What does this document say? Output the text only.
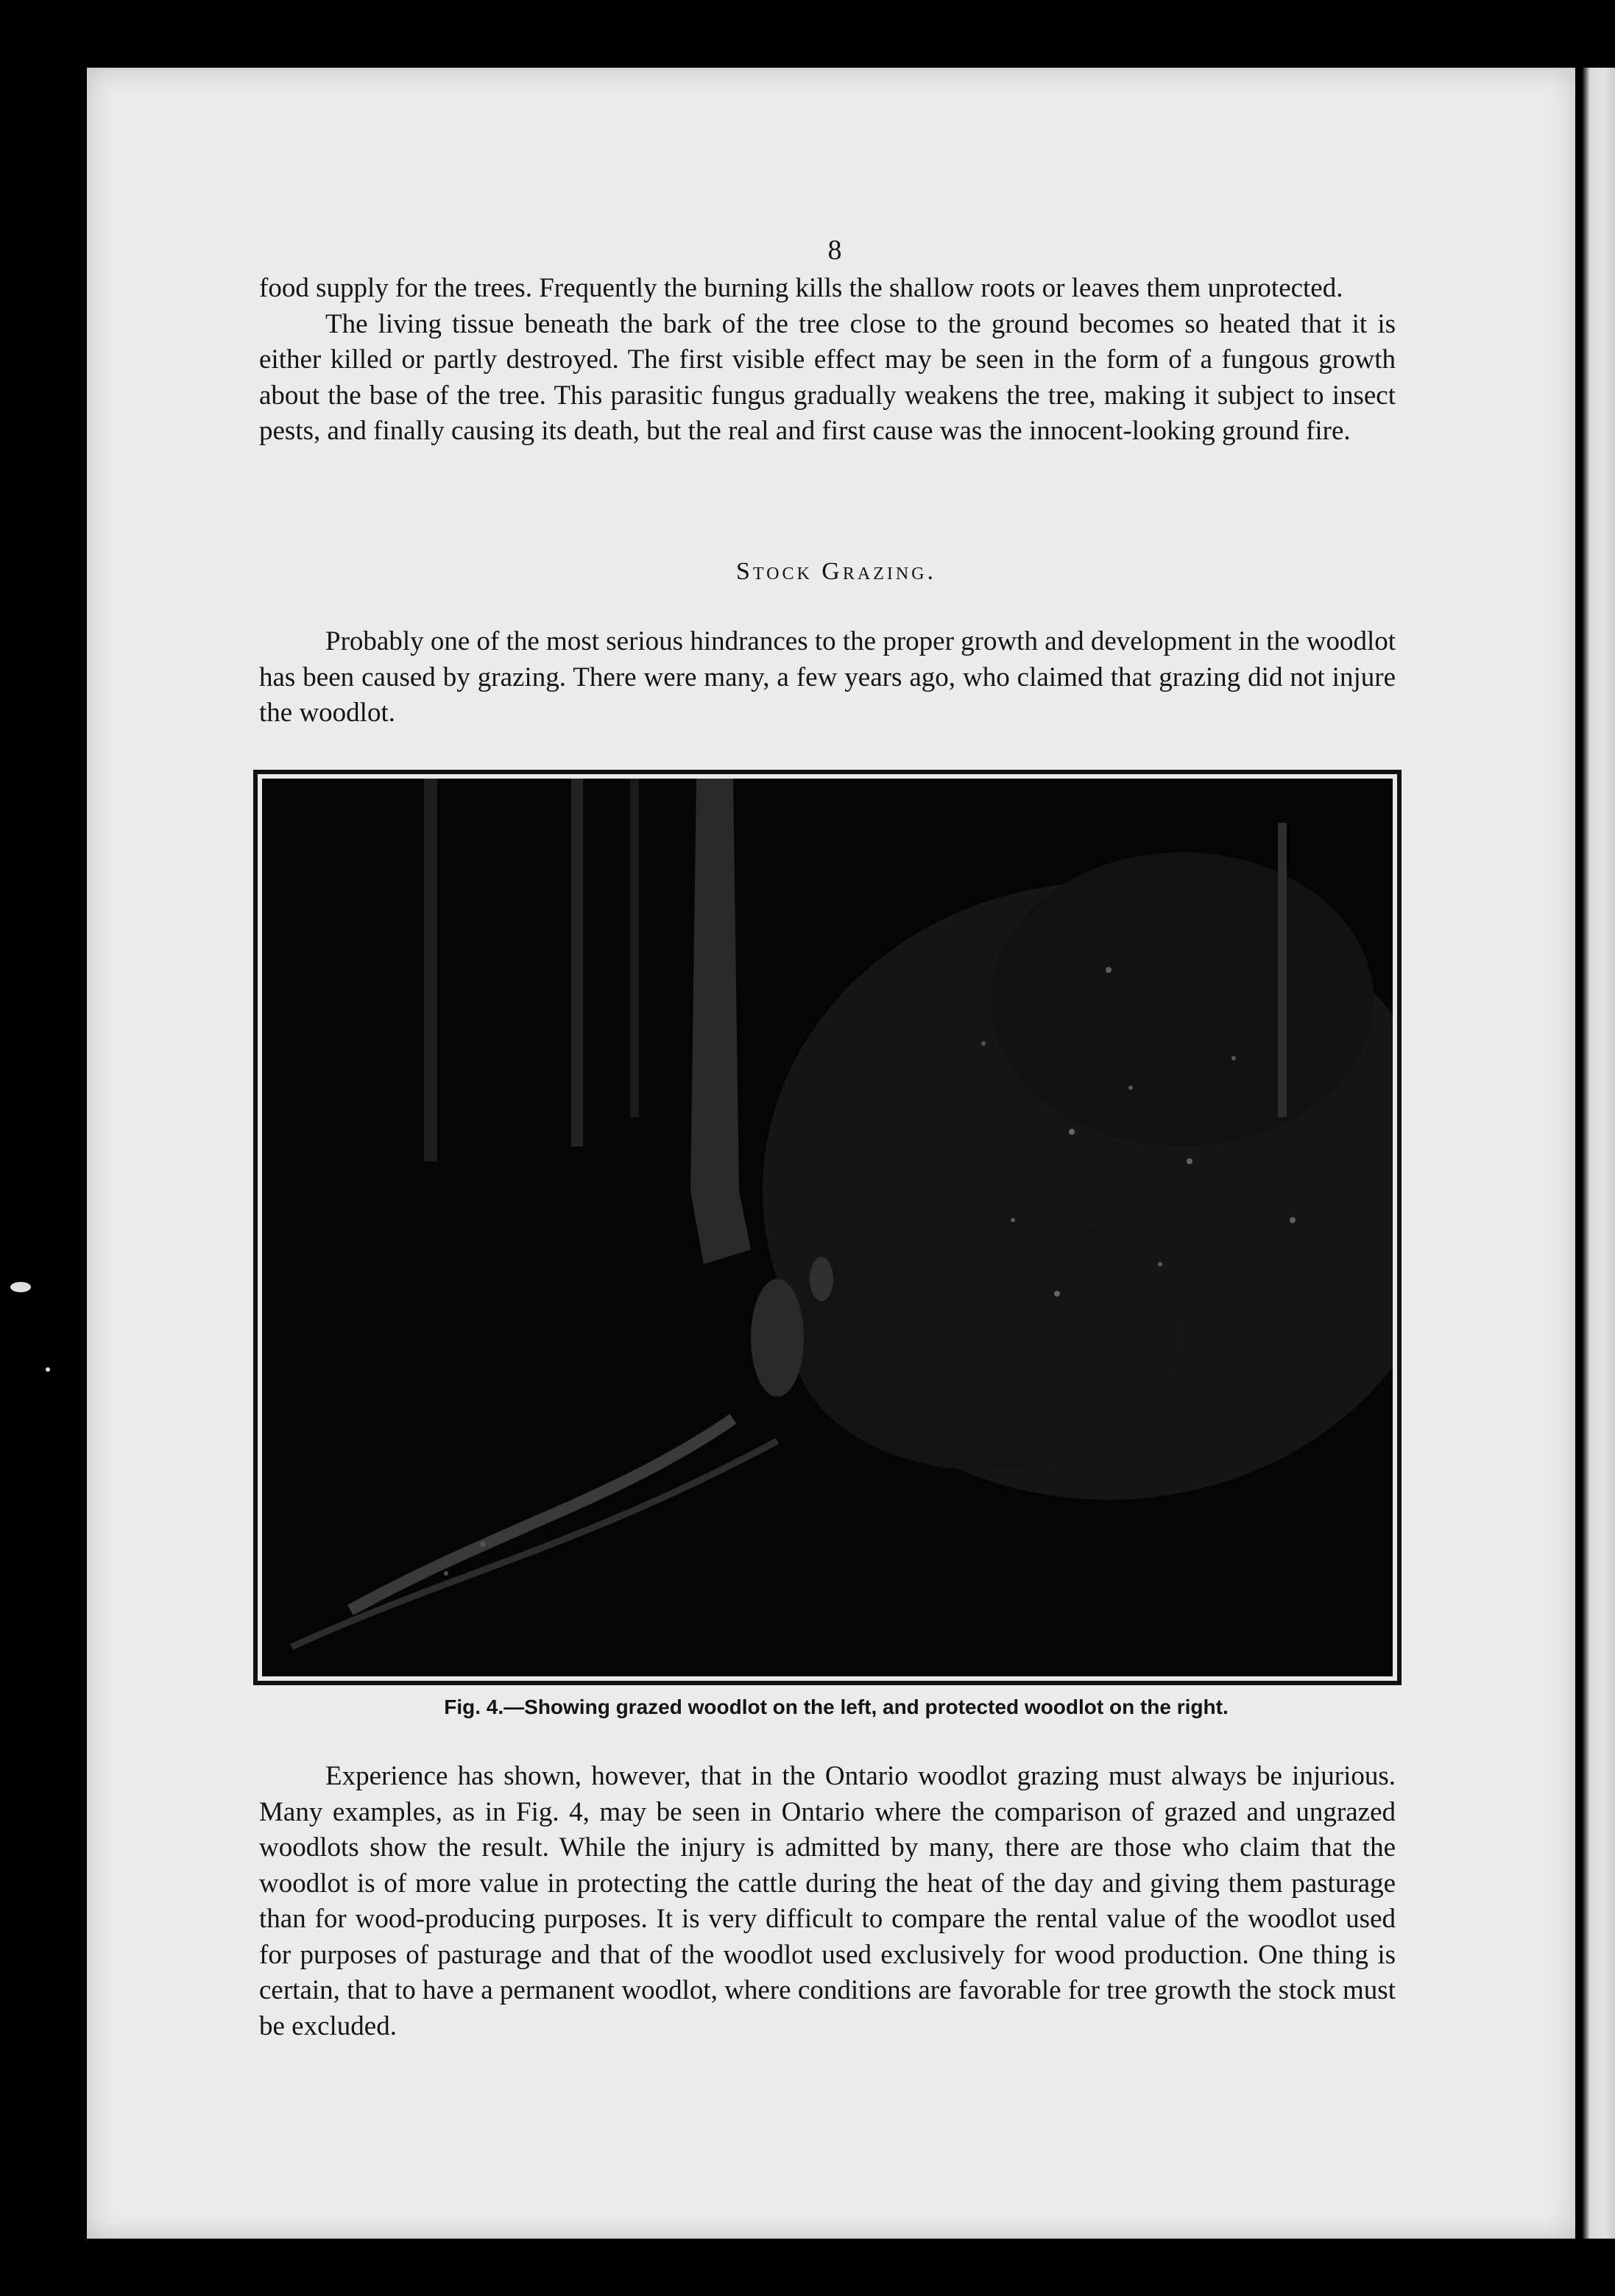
8

food supply for the trees. Frequently the burning kills the shallow roots or leaves them unprotected.

The living tissue beneath the bark of the tree close to the ground becomes so heated that it is either killed or partly destroyed. The first visible effect may be seen in the form of a fungous growth about the base of the tree. This parasitic fungus gradually weakens the tree, making it subject to insect pests, and finally causing its death, but the real and first cause was the innocent-looking ground fire.

Stock Grazing.

Probably one of the most serious hindrances to the proper growth and development in the woodlot has been caused by grazing. There were many, a few years ago, who claimed that grazing did not injure the woodlot.

Fig. 4.—Showing grazed woodlot on the left, and protected woodlot on the right.

Experience has shown, however, that in the Ontario woodlot grazing must always be injurious. Many examples, as in Fig. 4, may be seen in Ontario where the comparison of grazed and ungrazed woodlots show the result. While the injury is admitted by many, there are those who claim that the woodlot is of more value in protecting the cattle during the heat of the day and giving them pasturage than for wood-producing purposes. It is very difficult to compare the rental value of the woodlot used for purposes of pasturage and that of the woodlot used exclusively for wood production. One thing is certain, that to have a permanent woodlot, where conditions are favorable for tree growth the stock must be excluded.
